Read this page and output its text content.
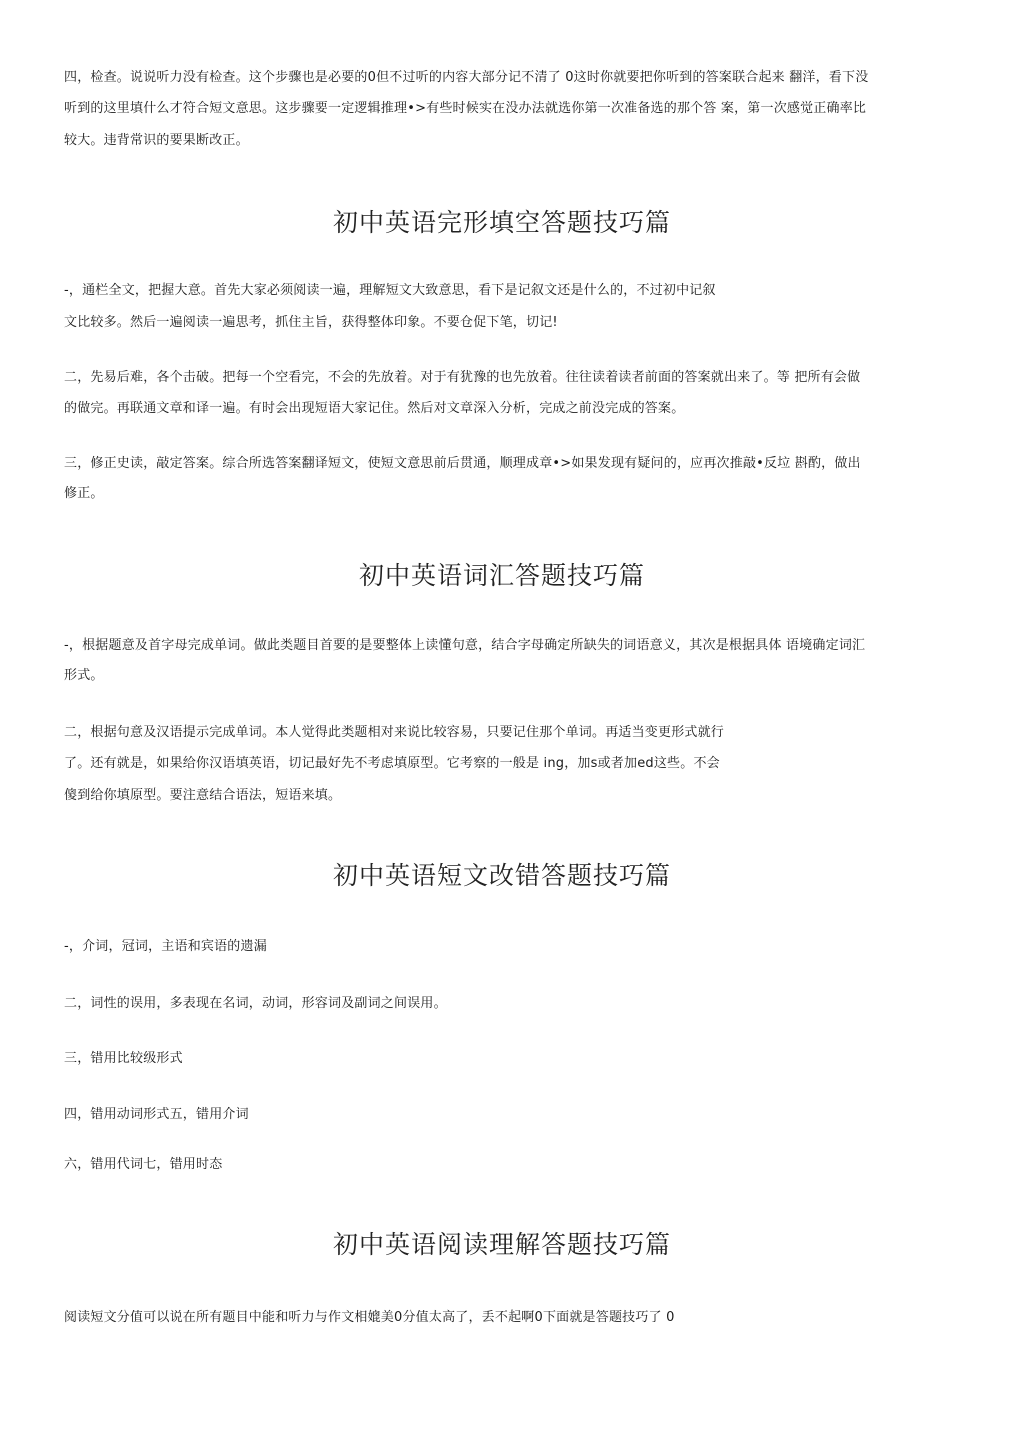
四，检查。说说听力没有检查。这个步骤也是必要的0但不过听的内容大部分记不清了 0这时你就要把你听到的答案联合起来 翻洋，看下没
听到的这里填什么才符合短文意思。这步骤要一定逻辑推理•>有些时候实在没办法就选你第一次准备选的那个答 案，第一次感觉正确率比
较大。违背常识的要果断改正。
初中英语完形填空答题技巧篇
-，通栏全文，把握大意。首先大家必须阅读一遍，理解短文大致意思，看下是记叙文还是什么的，不过初中记叙
文比较多。然后一遍阅读一遍思考，抓住主旨，获得整体印象。不要仓促下笔，切记!
二，先易后难，各个击破。把每一个空看完，不会的先放着。对于有犹豫的也先放着。往往读着读者前面的答案就出来了。等 把所有会做
的做完。再联通文章和译一遍。有时会出现短语大家记住。然后对文章深入分析，完成之前没完成的答案。
三，修正史读，敲定答案。综合所选答案翻译短文，使短文意思前后贯通，顺理成章•>如果发现有疑问的，应再次推敲•反垃 斟酌，做出
修正。
初中英语词汇答题技巧篇
-，根据题意及首字母完成单词。做此类题目首要的是要整体上读懂句意，结合字母确定所缺失的词语意义，其次是根据具体 语境确定词汇
形式。
二，根据句意及汉语提示完成单词。本人觉得此类题相对来说比较容易，只要记住那个单词。再适当变更形式就行
了。还有就是，如果给你汉语填英语，切记最好先不考虑填原型。它考察的一般是 ing，加s或者加ed这些。不会
傻到给你填原型。要注意结合语法，短语来填。
初中英语短文改错答题技巧篇
-，介词，冠词，主语和宾语的遗漏
二，词性的误用，多表现在名词，动词，形容词及副词之间误用。
三，错用比较级形式
四，错用动词形式五，错用介词
六，错用代词七，错用时态
初中英语阅读理解答题技巧篇
阅读短文分值可以说在所有题目中能和听力与作文相媲美0分值太高了，丢不起啊0下面就是答题技巧了 0
